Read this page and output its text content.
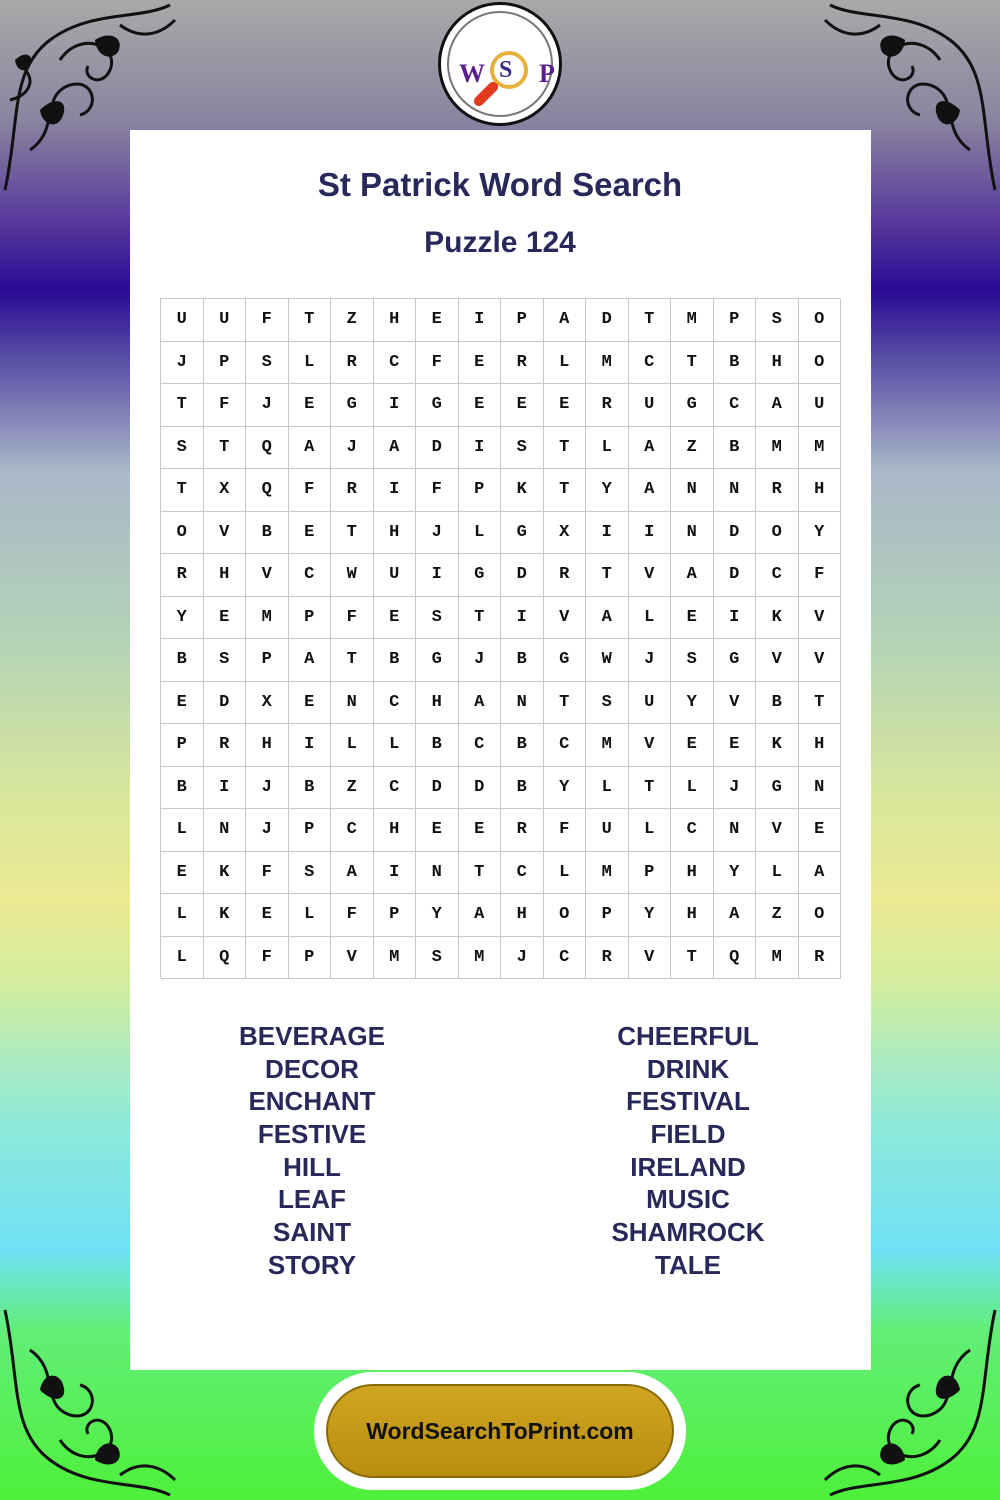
W S P
St Patrick Word Search
Puzzle 124
U	U	F	T	Z	H	E	I	P	A	D	T	M	P	S	O
J	P	S	L	R	C	F	E	R	L	M	C	T	B	H	O
T	F	J	E	G	I	G	E	E	E	R	U	G	C	A	U
S	T	Q	A	J	A	D	I	S	T	L	A	Z	B	M	M
T	X	Q	F	R	I	F	P	K	T	Y	A	N	N	R	H
O	V	B	E	T	H	J	L	G	X	I	I	N	D	O	Y
R	H	V	C	W	U	I	G	D	R	T	V	A	D	C	F
Y	E	M	P	F	E	S	T	I	V	A	L	E	I	K	V
B	S	P	A	T	B	G	J	B	G	W	J	S	G	V	V
E	D	X	E	N	C	H	A	N	T	S	U	Y	V	B	T
P	R	H	I	L	L	B	C	B	C	M	V	E	E	K	H
B	I	J	B	Z	C	D	D	B	Y	L	T	L	J	G	N
L	N	J	P	C	H	E	E	R	F	U	L	C	N	V	E
E	K	F	S	A	I	N	T	C	L	M	P	H	Y	L	A
L	K	E	L	F	P	Y	A	H	O	P	Y	H	A	Z	O
L	Q	F	P	V	M	S	M	J	C	R	V	T	Q	M	R
BEVERAGE
DECOR
ENCHANT
FESTIVE
HILL
LEAF
SAINT
STORY
CHEERFUL
DRINK
FESTIVAL
FIELD
IRELAND
MUSIC
SHAMROCK
TALE
WordSearchToPrint.com
